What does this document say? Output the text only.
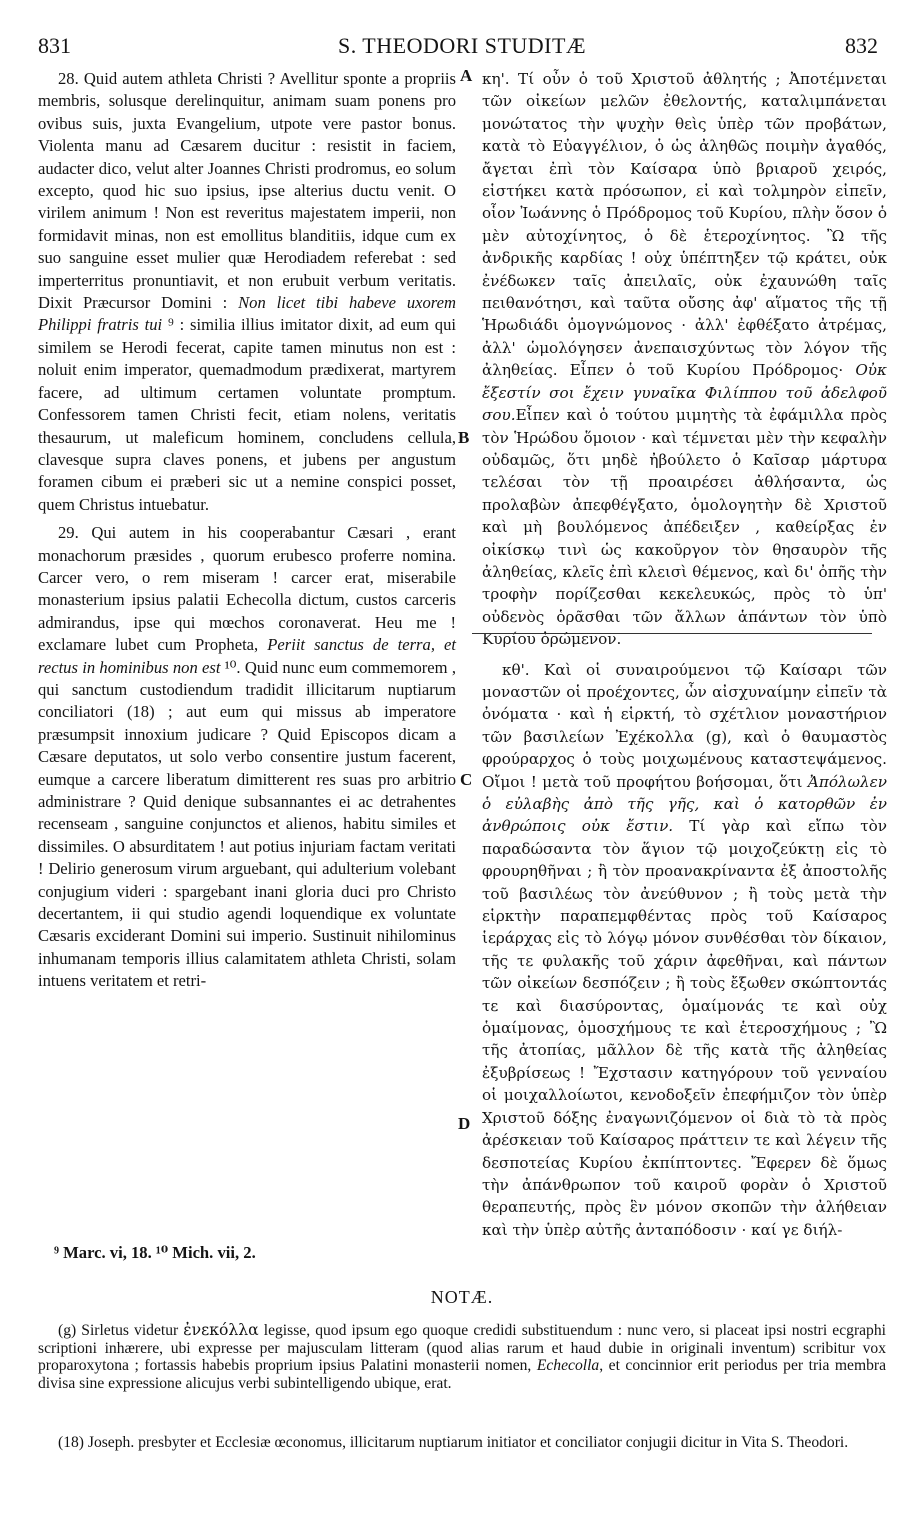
831	S. THEODORI STUDITÆ	832

28. Quid autem athleta Christi ? Avellitur sponte a propriis membris, solusque derelinquitur, animam suam ponens pro ovibus suis, juxta Evangelium, utpote vere pastor bonus. Violenta manu ad Cæsarem ducitur : resistit in faciem, audacter dico, velut alter Joannes Christi prodromus, eo solum excepto, quod hic suo ipsius, ipse alterius ductu venit. O virilem animum ! Non est reveritus majestatem imperii, non formidavit minas, non est emollitus blanditiis, idque cum ex suo sanguine esset mulier quæ Herodiadem referebat : sed imperterritus pronuntiavit, et non erubuit verbum veritatis. Dixit Præcursor Domini : Non licet tibi habeve uxorem Philippi fratris tui ⁹ : similia illius imitator dixit, ad eum qui similem se Herodi fecerat, capite tamen minutus non est : noluit enim imperator, quemadmodum prædixerat, martyrem facere, ad ultimum certamen voluntate promptum. Confessorem tamen Christi fecit, etiam nolens, veritatis thesaurum, ut maleficum hominem, concludens cellula, clavesque supra claves ponens, et jubens per angustum foramen cibum ei præberi sic ut a nemine conspici posset, quem Christus intuebatur.

29. Qui autem in his cooperabantur Cæsari , erant monachorum præsides , quorum erubesco proferre nomina. Carcer vero, o rem miseram ! carcer erat, miserabile monasterium ipsius palatii Echecolla dictum, custos carceris admirandus, ipse qui mœchos coronaverat. Heu me ! exclamare lubet cum Propheta, Periit sanctus de terra, et rectus in hominibus non est ¹⁰. Quid nunc eum commemorem , qui sanctum custodiendum tradidit illicitarum nuptiarum conciliatori (18) ; aut eum qui missus ab imperatore præsumpsit innoxium judicare ? Quid Episcopos dicam a Cæsare deputatos, ut solo verbo consentire justum facerent, eumque a carcere liberatum dimitterent res suas pro arbitrio administrare ? Quid denique subsannantes ei ac detrahentes recenseam , sanguine conjunctos et alienos, habitu similes et dissimiles. O absurditatem ! aut potius injuriam factam veritati ! Delirio generosum virum arguebant, qui adulterium volebant conjugium videri : spargebant inani gloria duci pro Christo decertantem, ii qui studio agendi loquendique ex voluntate Cæsaris exciderant Domini sui imperio. Sustinuit nihilominus inhumanam temporis illius calamitatem athleta Christi, solam intuens veritatem et retri-

A
B
C
D

κη'. Τί οὖν ὁ τοῦ Χριστοῦ ἀθλητής ; Ἀποτέμνεται τῶν οἰκείων μελῶν ἐθελοντής, καταλιμπάνεται μονώτατος τὴν ψυχὴν θεὶς ὑπὲρ τῶν προβάτων, κατὰ τὸ Εὐαγγέλιον, ὁ ὡς ἀληθῶς ποιμὴν ἀγαθός, ἄγεται ἐπὶ τὸν Καίσαρα ὑπὸ βριαροῦ χειρός, εἱστήκει κατὰ πρόσωπον, εἰ καὶ τολμηρὸν εἰπεῖν, οἷον Ἰωάννης ὁ Πρόδρομος τοῦ Κυρίου, πλὴν ὅσον ὁ μὲν αὐτοχίνητος, ὁ δὲ ἑτεροχίνητος. Ὢ τῆς ἀνδρικῆς καρδίας ! οὐχ ὑπέπτηξεν τῷ κράτει, οὐκ ἐνέδωκεν ταῖς ἀπειλαῖς, οὐκ ἐχαυνώθη ταῖς πειθανότησι, καὶ ταῦτα οὔσης ἀφ' αἵματος τῆς τῇ Ἡρωδιάδι ὁμογνώμονος · ἀλλ' ἐφθέξατο ἀτρέμας, ἀλλ' ὡμολόγησεν ἀνεπαισχύντως τὸν λόγον τῆς ἀληθείας. Εἶπεν ὁ τοῦ Κυρίου Πρόδρομος· Οὐκ ἔξεστίν σοι ἔχειν γυναῖκα Φιλίππου τοῦ ἀδελφοῦ σου.Εἶπεν καὶ ὁ τούτου μιμητὴς τὰ ἐφάμιλλα πρὸς τὸν Ἡρώδου ὅμοιον · καὶ τέμνεται μὲν τὴν κεφαλὴν οὐδαμῶς, ὅτι μηδὲ ἠβούλετο ὁ Καῖσαρ μάρτυρα τελέσαι τὸν τῇ προαιρέσει ἀθλήσαντα, ὡς προλαβὼν ἀπεφθέγξατο, ὁμολογητὴν δὲ Χριστοῦ καὶ μὴ βουλόμενος ἀπέδειξεν , καθείρξας ἐν οἰκίσκῳ τινὶ ὡς κακοῦργον τὸν θησαυρὸν τῆς ἀληθείας, κλεῖς ἐπὶ κλεισὶ θέμενος, καὶ δι' ὀπῆς τὴν τροφὴν πορίζεσθαι κεκελευκώς, πρὸς τὸ ὑπ' οὐδενὸς ὁρᾶσθαι τῶν ἄλλων ἁπάντων τὸν ὑπὸ Κυρίου ὁρώμενον.

κθ'. Καὶ οἱ συναιρούμενοι τῷ Καίσαρι τῶν μοναστῶν οἱ προέχοντες, ὧν αἰσχυναίμην εἰπεῖν τὰ ὀνόματα · καὶ ἡ εἱρκτή, τὸ σχέτλιον μοναστήριον τῶν βασιλείων Ἐχέκολλα (g), καὶ ὁ θαυμαστὸς φρούραρχος ὁ τοὺς μοιχωμένους καταστεψάμενος. Οἴμοι ! μετὰ τοῦ προφήτου βοήσομαι, ὅτι Ἀπόλωλεν ὁ εὐλαβὴς ἀπὸ τῆς γῆς, καὶ ὁ κατορθῶν ἐν ἀνθρώποις οὐκ ἔστιν. Τί γὰρ καὶ εἴπω τὸν παραδώσαντα τὸν ἅγιον τῷ μοιχοζεύκτῃ εἰς τὸ φρουρηθῆναι ; ἢ τὸν προανακρίναντα ἐξ ἀποστολῆς τοῦ βασιλέως τὸν ἀνεύθυνον ; ἢ τοὺς μετὰ τὴν εἱρκτὴν παραπεμφθέντας πρὸς τοῦ Καίσαρος ἱεράρχας εἰς τὸ λόγῳ μόνον συνθέσθαι τὸν δίκαιον, τῆς τε φυλακῆς τοῦ χάριν ἀφεθῆναι, καὶ πάντων τῶν οἰκείων δεσπόζειν ; ἢ τοὺς ἔξωθεν σκώπτοντάς τε καὶ διασύροντας, ὁμαίμονάς τε καὶ οὐχ ὁμαίμονας, ὁμοσχήμους τε καὶ ἑτεροσχήμους ; Ὢ τῆς ἀτοπίας, μᾶλλον δὲ τῆς κατὰ τῆς ἀληθείας ἐξυβρίσεως ! Ἔχστασιν κατηγόρουν τοῦ γενναίου οἱ μοιχαλλοίωτοι, κενοδοξεῖν ἐπεφήμιζον τὸν ὑπὲρ Χριστοῦ δόξης ἐναγωνιζόμενον οἱ διὰ τὸ τὰ πρὸς ἀρέσκειαν τοῦ Καίσαρος πράττειν τε καὶ λέγειν τῆς δεσποτείας Κυρίου ἐκπίπτοντες. Ἔφερεν δὲ ὅμως τὴν ἀπάνθρωπον τοῦ καιροῦ φορὰν ὁ Χριστοῦ θεραπευτής, πρὸς ἓν μόνον σκοπῶν τὴν ἀλήθειαν καὶ τὴν ὑπὲρ αὐτῆς ἀνταπόδοσιν · καί γε διήλ-

⁹ Marc. vi, 18. ¹⁰ Mich. vii, 2.
NOTÆ.

(g) Sirletus videtur ἐνεκόλλα legisse, quod ipsum ego quoque credidi substituendum : nunc vero, si placeat ipsi nostri ecgraphi scriptioni inhærere, ubi expresse per majusculam litteram (quod alias rarum et haud dubie in originali inventum) scribitur vox proparoxytona ; fortassis habebis proprium ipsius Palatini monasterii nomen, Echecolla, et concinnior erit periodus per tria membra divisa sine expressione alicujus verbi subintelligendo ubique, erat.

(18) Joseph. presbyter et Ecclesiæ œconomus, illicitarum nuptiarum initiator et conciliator conjugii dicitur in Vita S. Theodori.
